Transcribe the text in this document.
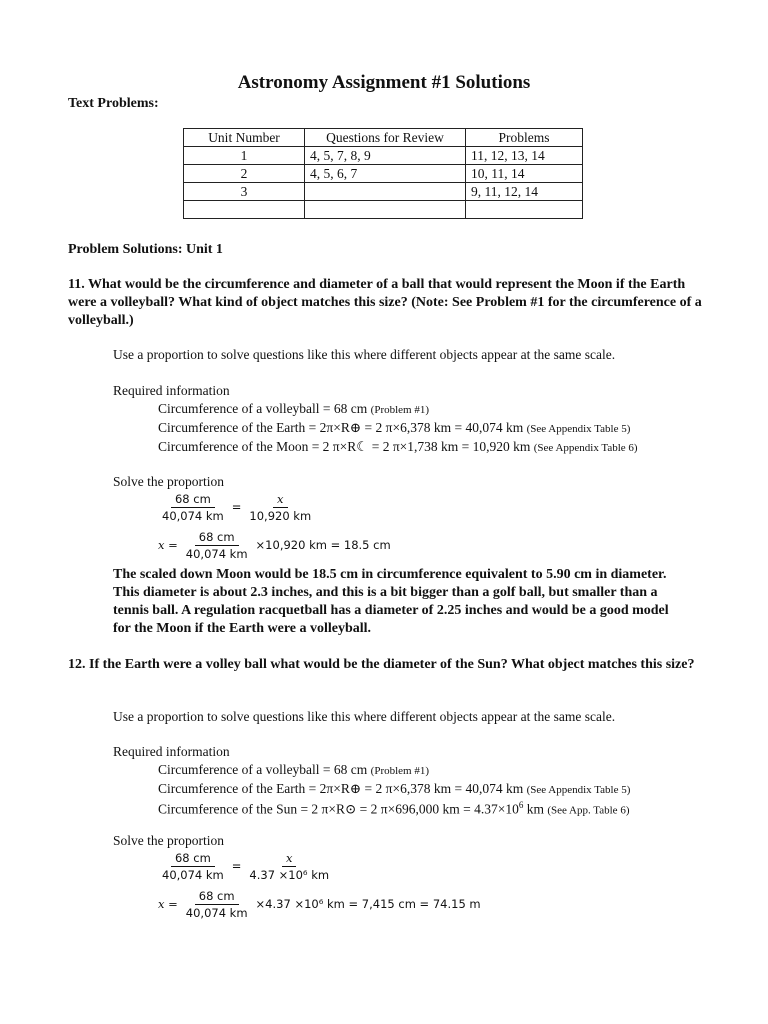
Astronomy Assignment #1 Solutions
Text Problems:
Unit Number	Questions for Review	Problems
1	4, 5, 7, 8, 9	11, 12, 13, 14
2	4, 5, 6, 7	10, 11, 14
3		9, 11, 12, 14

Problem Solutions: Unit 1
11. What would be the circumference and diameter of a ball that would represent the Moon if the Earth were a volleyball? What kind of object matches this size? (Note: See Problem #1 for the circumference of a volleyball.)
Use a proportion to solve questions like this where different objects appear at the same scale.
Required information
Circumference of a volleyball = 68 cm (Problem #1)
Circumference of the Earth = 2π×R⊕ = 2 π×6,378 km = 40,074 km (See Appendix Table 5)
Circumference of the Moon = 2 π×R☾ = 2 π×1,738 km = 10,920 km (See Appendix Table 6)
Solve the proportion
$\frac{68 cm}{40,074 km} = \frac{x}{10,920 km}$
$x = \frac{68 cm}{40,074 km} \times 10,920$ km = 18.5 cm
The scaled down Moon would be 18.5 cm in circumference equivalent to 5.90 cm in diameter. This diameter is about 2.3 inches, and this is a bit bigger than a golf ball, but smaller than a tennis ball. A regulation racquetball has a diameter of 2.25 inches and would be a good model for the Moon if the Earth were a volleyball.
12. If the Earth were a volley ball what would be the diameter of the Sun? What object matches this size?
Use a proportion to solve questions like this where different objects appear at the same scale.
Required information
Circumference of a volleyball = 68 cm (Problem #1)
Circumference of the Earth = 2π×R⊕ = 2 π×6,378 km = 40,074 km (See Appendix Table 5)
Circumference of the Sun = 2 π×R⊙ = 2 π×696,000 km = $4.37\times 10^6$ km (See App. Table 6)
Solve the proportion
$\frac{68 cm}{40,074 km} = \frac{x}{\text{4.37 ×10⁶ km}}$
$x = \frac{68 cm}{40,074 km} \times 4.37 \times 10^6$ km = 7,415 cm = 74.15 m
